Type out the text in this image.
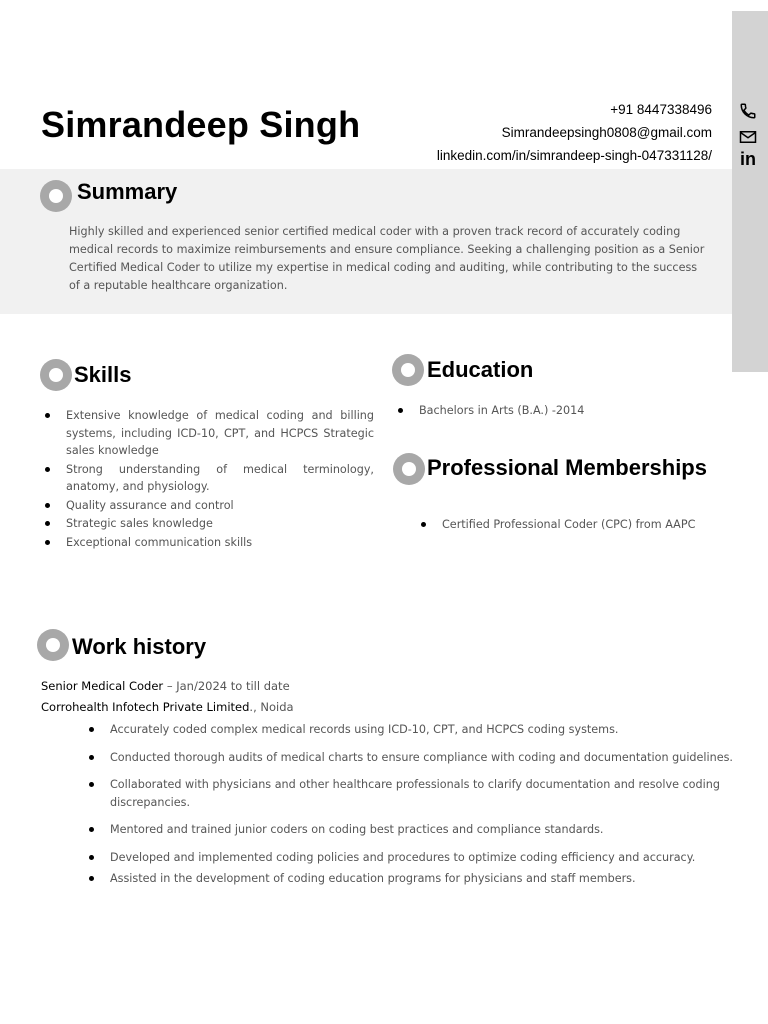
Simrandeep Singh	+91 8447338496
Simrandeepsingh0808@gmail.com
linkedin.com/in/simrandeep-singh-047331128/ in
Summary

Highly skilled and experienced senior certified medical coder with a proven track record of accurately coding medical records to maximize reimbursements and ensure compliance. Seeking a challenging position as a Senior Certified Medical Coder to utilize my expertise in medical coding and auditing, while contributing to the success of a reputable healthcare organization.

Skills
Extensive knowledge of medical coding and billing systems, including ICD-10, CPT, and HCPCS Strategic sales knowledge
Strong understanding of medical terminology, anatomy, and physiology.
Quality assurance and control
Strategic sales knowledge
Exceptional communication skills
Education
Bachelors in Arts (B.A.) -2014
Professional Memberships
Certified Professional Coder (CPC) from AAPC
Work history
Senior Medical Coder – Jan/2024 to till date
Corrohealth Infotech Private Limited., Noida
Accurately coded complex medical records using ICD-10, CPT, and HCPCS coding systems.
Conducted thorough audits of medical charts to ensure compliance with coding and documentation guidelines.
Collaborated with physicians and other healthcare professionals to clarify documentation and resolve coding discrepancies.
Mentored and trained junior coders on coding best practices and compliance standards.
Developed and implemented coding policies and procedures to optimize coding efficiency and accuracy.
Assisted in the development of coding education programs for physicians and staff members.
